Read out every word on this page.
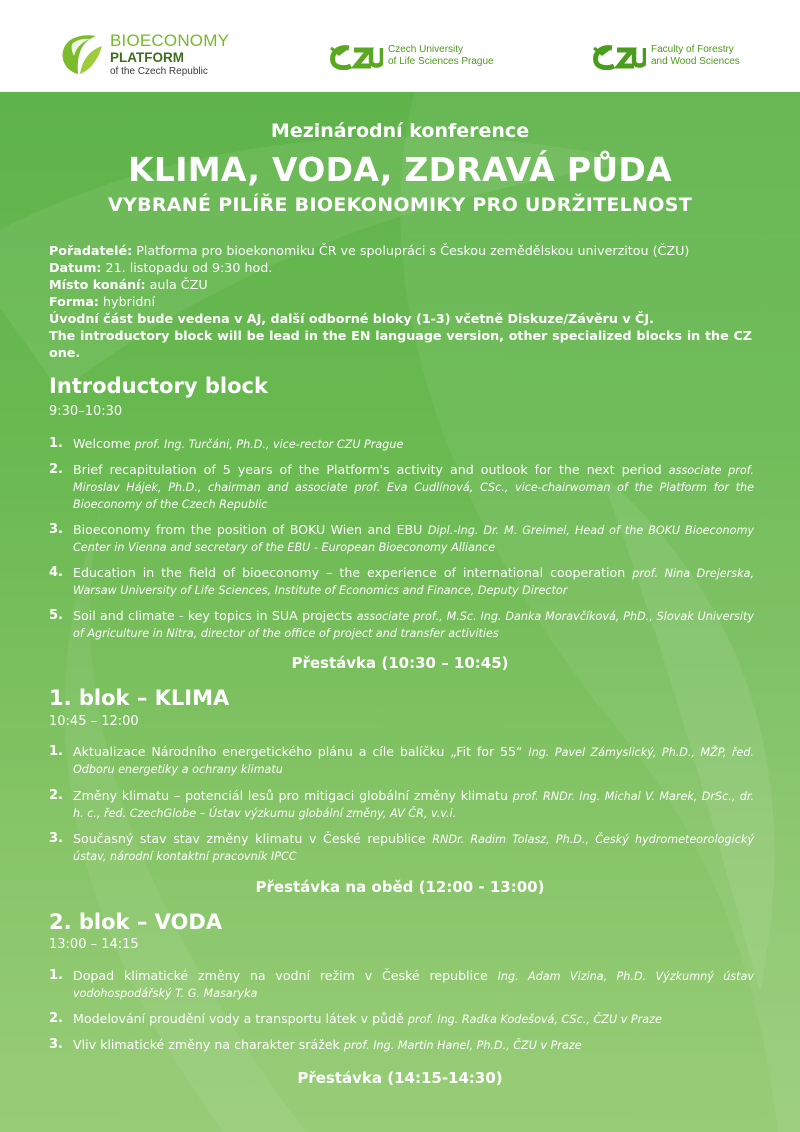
BIOECONOMY
PLATFORM
of the Czech Republic
Czech University
of Life Sciences Prague
Faculty of Forestry
and Wood Sciences
Mezinárodní konference
KLIMA, VODA, ZDRAVÁ PŮDA
VYBRANÉ PILÍŘE BIOEKONOMIKY PRO UDRŽITELNOST
Pořadatelé: Platforma pro bioekonomiku ČR ve spolupráci s Českou zemědělskou univerzitou (ČZU)
Datum: 21. listopadu od 9:30 hod.
Místo konání: aula ČZU
Forma: hybridní
Úvodní část bude vedena v AJ, další odborné bloky (1-3) včetně Diskuze/Závěru v ČJ.
The introductory block will be lead in the EN language version, other specialized blocks in the CZ one.
Introductory block
9:30–10:30
1. Welcome prof. Ing. Turčáni, Ph.D., vice-rector CZU Prague
2. Brief recapitulation of 5 years of the Platform's activity and outlook for the next period associate prof. Miroslav Hájek, Ph.D., chairman and associate prof. Eva Cudlínová, CSc., vice-chairwoman of the Platform for the Bioeconomy of the Czech Republic
3. Bioeconomy from the position of BOKU Wien and EBU Dipl.-Ing. Dr. M. Greimel, Head of the BOKU Bioeconomy Center in Vienna and secretary of the EBU - European Bioeconomy Alliance
4. Education in the field of bioeconomy – the experience of international cooperation prof. Nina Drejerska, Warsaw University of Life Sciences, Institute of Economics and Finance, Deputy Director
5. Soil and climate - key topics in SUA projects associate prof., M.Sc. Ing. Danka Moravčíková, PhD., Slovak University of Agriculture in Nitra, director of the office of project and transfer activities
Přestávka (10:30 – 10:45)
1. blok – KLIMA
10:45 – 12:00
1. Aktualizace Národního energetického plánu a cíle balíčku „Fit for 55“ Ing. Pavel Zámyslický, Ph.D., MŽP, řed. Odboru energetiky a ochrany klimatu
2. Změny klimatu – potenciál lesů pro mitigaci globální změny klimatu prof. RNDr. Ing. Michal V. Marek, DrSc., dr. h. c., řed. CzechGlobe – Ústav výzkumu globální změny, AV ČR, v.v.i.
3. Současný stav stav změny klimatu v České republice RNDr. Radim Tolasz, Ph.D., Český hydrometeorologický ústav, národní kontaktní pracovník IPCC
Přestávka na oběd (12:00 - 13:00)
2. blok – VODA
13:00 – 14:15
1. Dopad klimatické změny na vodní režim v České republice Ing. Adam Vizina, Ph.D. Výzkumný ústav vodohospodářský T. G. Masaryka
2. Modelování proudění vody a transportu látek v půdě prof. Ing. Radka Kodešová, CSc., ČZU v Praze
3. Vliv klimatické změny na charakter srážek prof. Ing. Martin Hanel, Ph.D., ČZU v Praze
Přestávka (14:15-14:30)
